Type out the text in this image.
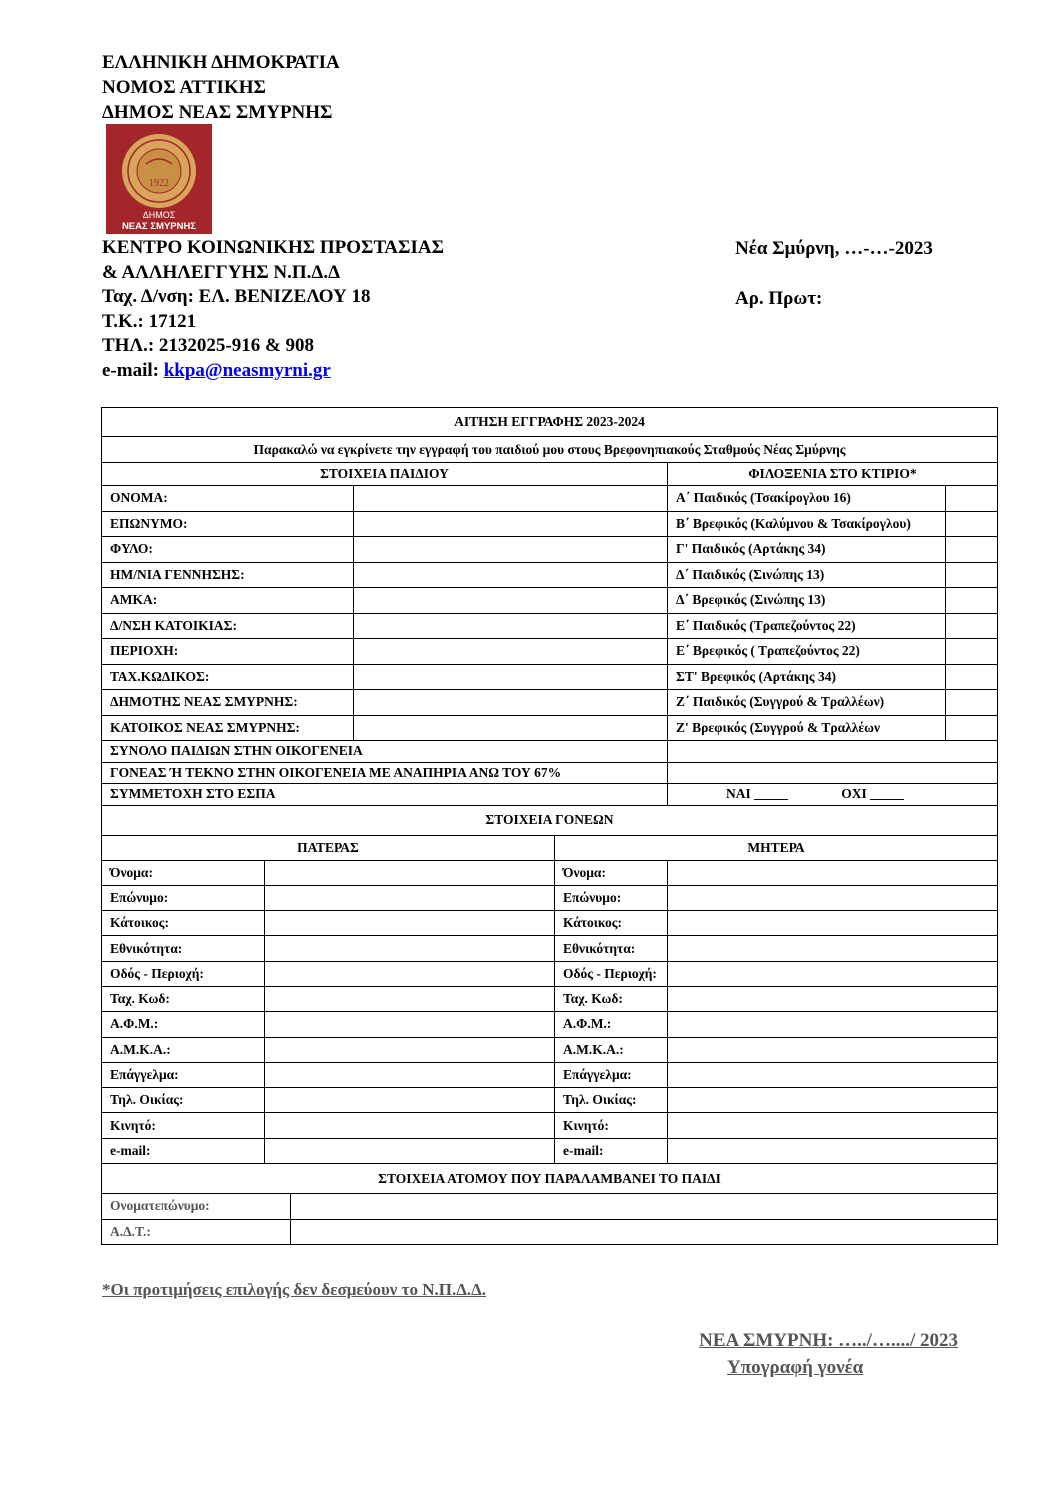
ΕΛΛΗΝΙΚΗ ΔΗΜΟΚΡΑΤΙΑ
ΝΟΜΟΣ ΑΤΤΙΚΗΣ
ΔΗΜΟΣ ΝΕΑΣ ΣΜΥΡΝΗΣ
1922
ΔΗΜΟΣ
ΝΕΑΣ ΣΜΥΡΝΗΣ
ΚΕΝΤΡΟ ΚΟΙΝΩΝΙΚΗΣ ΠΡΟΣΤΑΣΙΑΣ
& ΑΛΛΗΛΕΓΓΥΗΣ Ν.Π.Δ.Δ
Ταχ. Δ/νση: ΕΛ. ΒΕΝΙΖΕΛΟΥ 18
Τ.Κ.: 17121
ΤΗΛ.: 2132025-916 & 908
e-mail: kkpa@neasmyrni.gr
Νέα Σμύρνη, …-…-2023
Αρ. Πρωτ:
ΑΙΤΗΣΗ ΕΓΓΡΑΦΗΣ 2023-2024						
Παρακαλώ να εγκρίνετε την εγγραφή του παιδιού μου στους Βρεφονηπιακούς Σταθμούς Νέας Σμύρνης						
ΣΤΟΙΧΕΙΑ ΠΑΙΔΙΟΥ					ΦΙΛΟΞΕΝΙΑ ΣΤΟ ΚΤΙΡΙΟ*	
ΟΝΟΜΑ:					Α΄ Παιδικός (Τσακίρογλου 16)	
ΕΠΩΝΥΜΟ:					Β΄ Βρεφικός (Καλύμνου & Τσακίρογλου)	
ΦΥΛΟ:					Γ' Παιδικός (Αρτάκης 34)	
ΗΜ/ΝΙΑ ΓΕΝΝΗΣΗΣ:					Δ΄ Παιδικός (Σινώπης 13)	
ΑΜΚΑ:					Δ΄ Βρεφικός (Σινώπης 13)	
Δ/ΝΣΗ ΚΑΤΟΙΚΙΑΣ:					Ε΄ Παιδικός (Τραπεζούντος 22)	
ΠΕΡΙΟΧΗ:					Ε΄ Βρεφικός ( Τραπεζούντος 22)	
ΤΑΧ.ΚΩΔΙΚΟΣ:					ΣΤ' Βρεφικός (Αρτάκης 34)	
ΔΗΜΟΤΗΣ ΝΕΑΣ ΣΜΥΡΝΗΣ:					Ζ΄ Παιδικός (Συγγρού & Τραλλέων)	
ΚΑΤΟΙΚΟΣ ΝΕΑΣ ΣΜΥΡΝΗΣ:					Ζ' Βρεφικός (Συγγρού & Τραλλέων	
ΣΥΝΟΛΟ ΠΑΙΔΙΩΝ ΣΤΗΝ ΟΙΚΟΓΕΝΕΙΑ						
ΓΟΝΕΑΣ Ή ΤΕΚΝΟ ΣΤΗΝ ΟΙΚΟΓΕΝΕΙΑ ΜΕ ΑΝΑΠΗΡΙΑ ΑΝΩ ΤΟΥ 67%						
ΣΥΜΜΕΤΟΧΗ ΣΤΟ ΕΣΠΑ					ΝΑΙ _____ ΟΧΙ _____	
ΣΤΟΙΧΕΙΑ ΓΟΝΕΩΝ						
ΠΑΤΕΡΑΣ				ΜΗΤΕΡΑ		
Όνομα:				Όνομα:		
Επώνυμο:				Επώνυμο:		
Κάτοικος:				Κάτοικος:		
Εθνικότητα:				Εθνικότητα:		
Οδός - Περιοχή:				Οδός - Περιοχή:		
Ταχ. Κωδ:				Ταχ. Κωδ:		
Α.Φ.Μ.:				Α.Φ.Μ.:		
Α.Μ.Κ.Α.:				Α.Μ.Κ.Α.:		
Επάγγελμα:				Επάγγελμα:		
Τηλ. Οικίας:				Τηλ. Οικίας:		
Κινητό:				Κινητό:		
e-mail:				e-mail:		
ΣΤΟΙΧΕΙΑ ΑΤΟΜΟΥ ΠΟΥ ΠΑΡΑΛΑΜΒΑΝΕΙ ΤΟ ΠΑΙΔΙ						
Ονοματεπώνυμο:						
Α.Δ.Τ.:						
*Οι προτιμήσεις επιλογής δεν δεσμεύουν το Ν.Π.Δ.Δ.
ΝΕΑ ΣΜΥΡΝΗ: …../…..../ 2023
Υπογραφή γονέα
